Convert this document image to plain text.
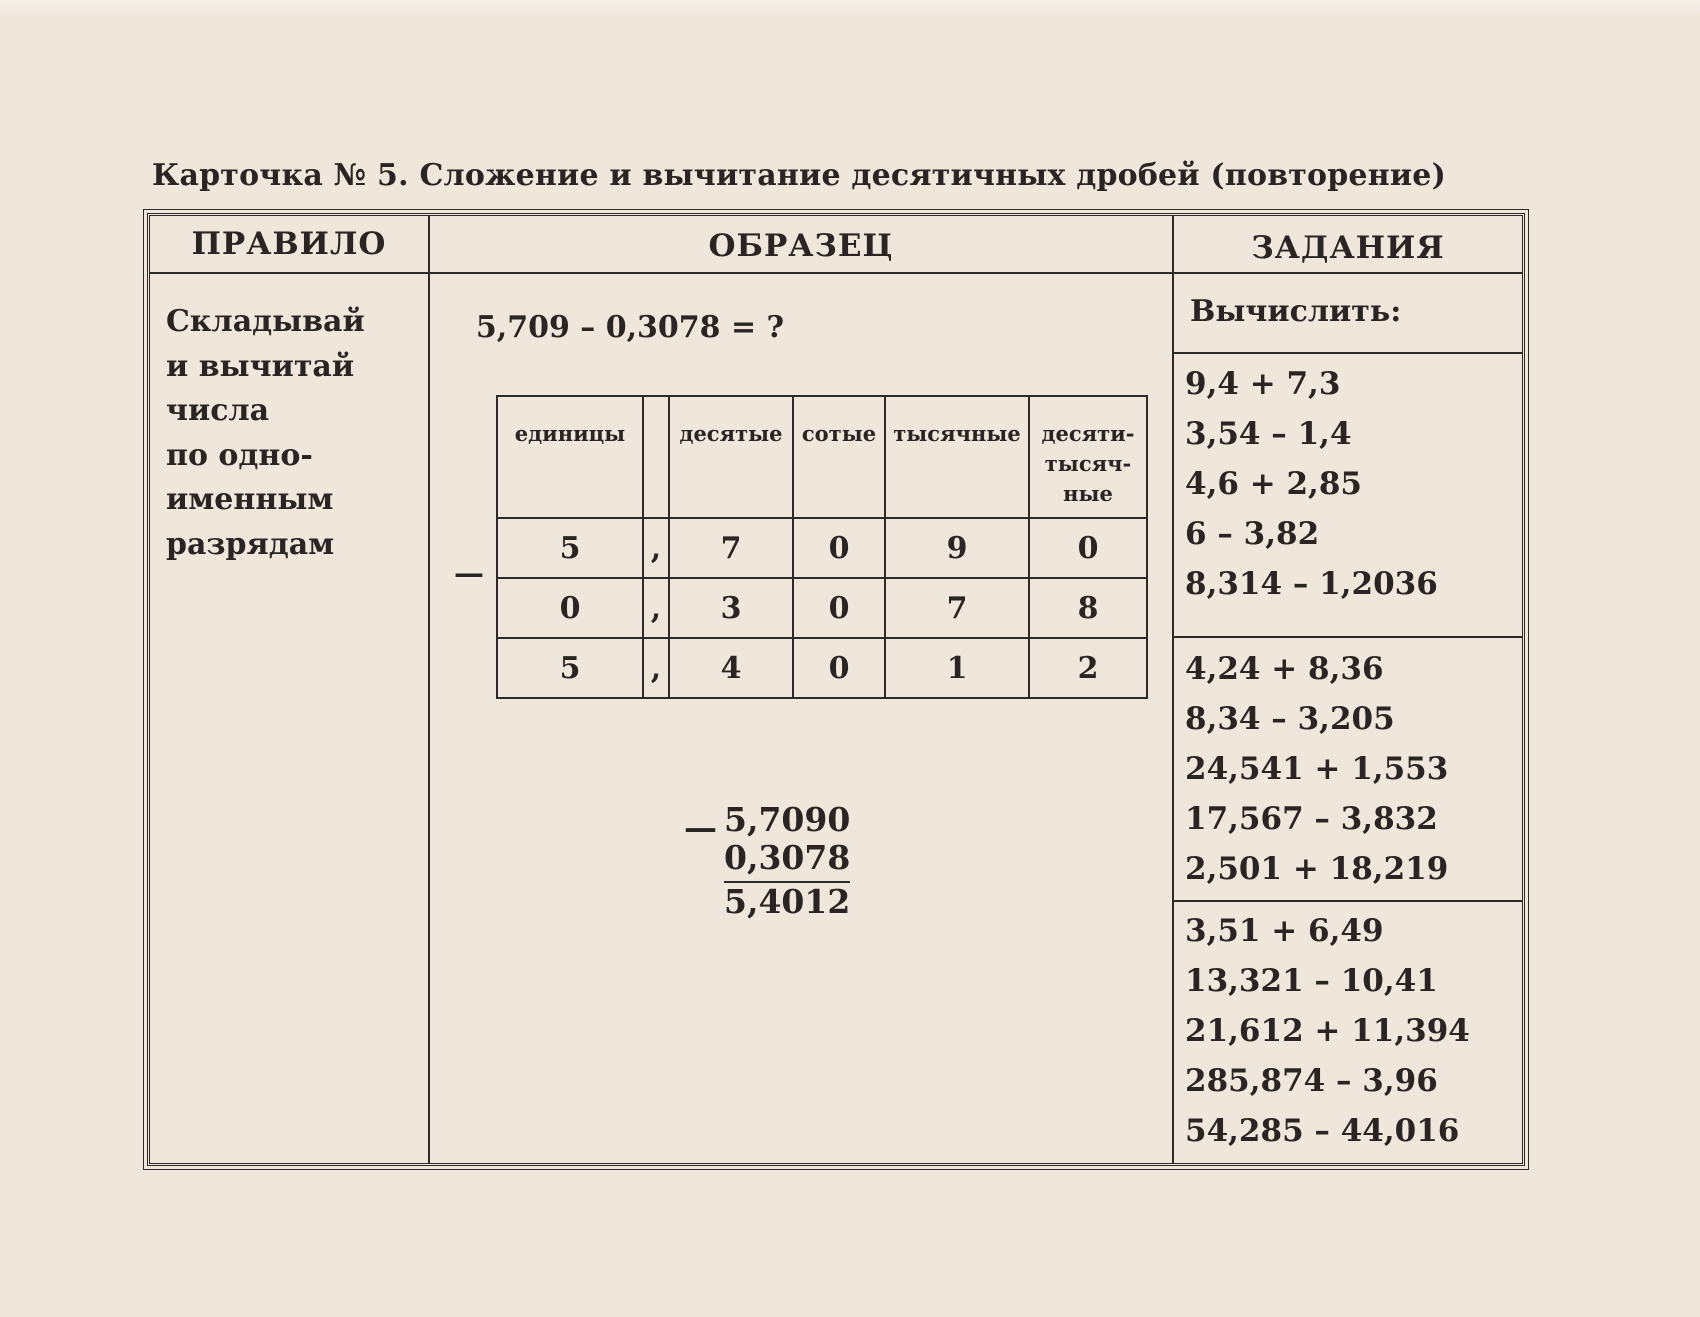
Карточка № 5. Сложение и вычитание десятичных дробей (повторение)
ПРАВИЛО	ОБРАЗЕЦ	ЗАДАНИЯ
Складывай
и вычитай
числа
по одно-
именным
разрядам
5,709 – 0,3078 = ?
—
единицы		десятые	сотые	тысячные	десяти-
тысяч-
ные
5	,	7	0	9	0
0	,	3	0	7	8
5	,	4	0	1	2
— 5,7090
0,3078
5,4012
Вычислить:
9,4 + 7,3
3,54 – 1,4
4,6 + 2,85
6 – 3,82
8,314 – 1,2036
4,24 + 8,36
8,34 – 3,205
24,541 + 1,553
17,567 – 3,832
2,501 + 18,219
3,51 + 6,49
13,321 – 10,41
21,612 + 11,394
285,874 – 3,96
54,285 – 44,016
